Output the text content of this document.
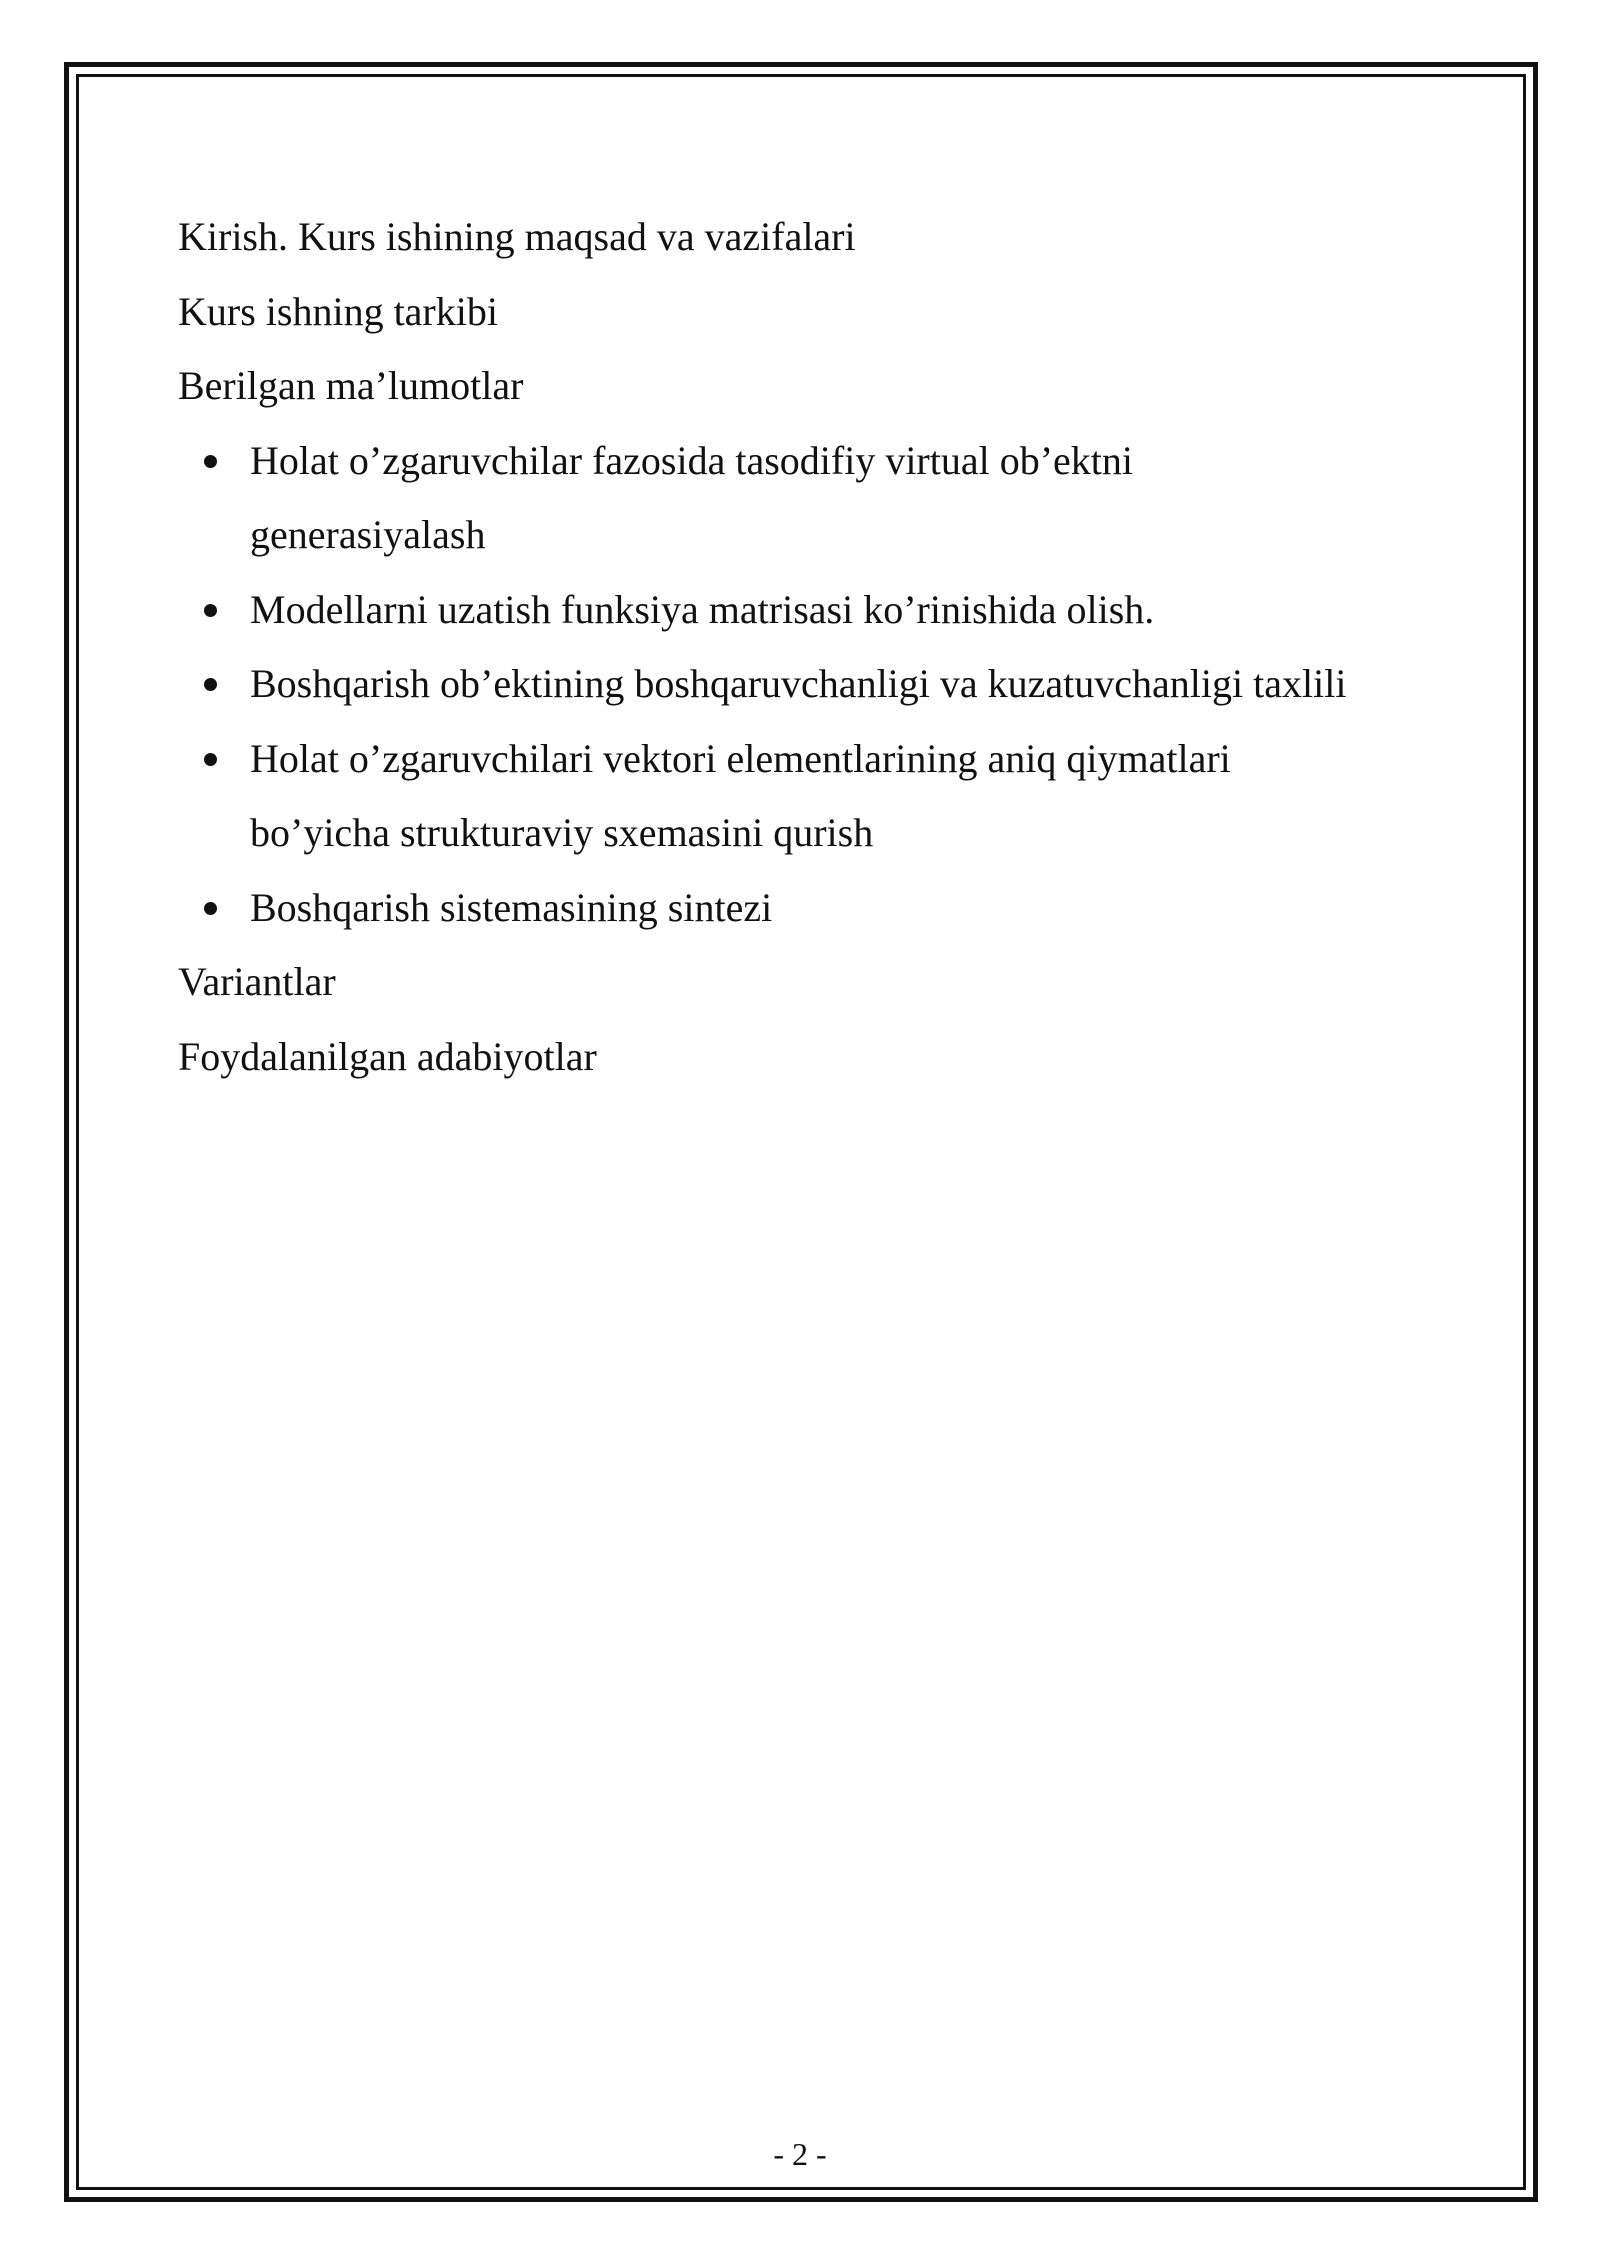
Kirish. Kurs ishining maqsad va vazifalari

Kurs ishning tarkibi

Berilgan ma’lumotlar

Holat o’zgaruvchilar fazosida tasodifiy virtual ob’ektni
generasiyalash
Modellarni uzatish funksiya matrisasi ko’rinishida olish.
Boshqarish ob’ektining boshqaruvchanligi va kuzatuvchanligi taxlili
Holat o’zgaruvchilari vektori elementlarining aniq qiymatlari
bo’yicha strukturaviy sxemasini qurish
Boshqarish sistemasining sintezi

Variantlar

Foydalanilgan adabiyotlar

- 2 -
